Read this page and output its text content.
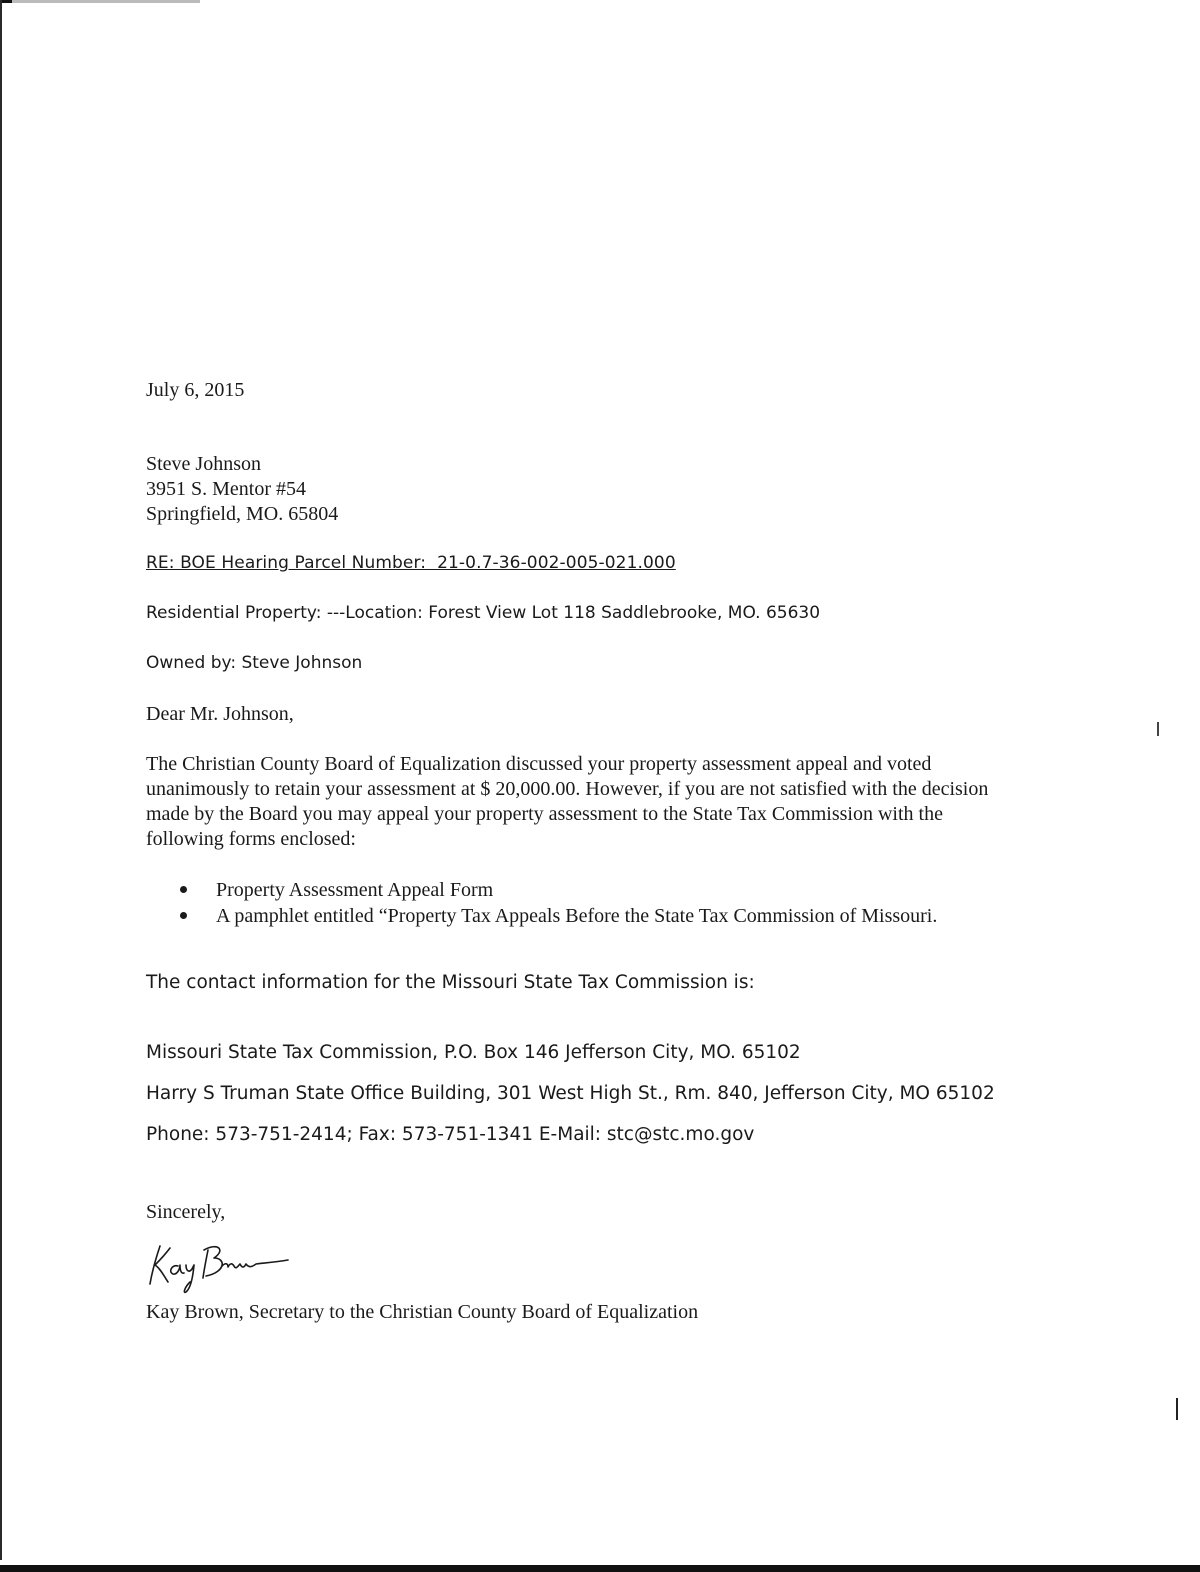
July 6, 2015
Steve Johnson
3951 S. Mentor #54
Springfield, MO. 65804
RE: BOE Hearing Parcel Number:  21-0.7-36-002-005-021.000
Residential Property: ---Location: Forest View Lot 118 Saddlebrooke, MO. 65630
Owned by: Steve Johnson
Dear Mr. Johnson,
The Christian County Board of Equalization discussed your property assessment appeal and voted
unanimously to retain your assessment at $ 20,000.00. However, if you are not satisfied with the decision
made by the Board you may appeal your property assessment to the State Tax Commission with the
following forms enclosed:
Property Assessment Appeal Form
A pamphlet entitled “Property Tax Appeals Before the State Tax Commission of Missouri.
The contact information for the Missouri State Tax Commission is:
Missouri State Tax Commission, P.O. Box 146 Jefferson City, MO. 65102
Harry S Truman State Office Building, 301 West High St., Rm. 840, Jefferson City, MO 65102
Phone: 573-751-2414; Fax: 573-751-1341 E-Mail: stc@stc.mo.gov
Sincerely,
Kay Brown, Secretary to the Christian County Board of Equalization
